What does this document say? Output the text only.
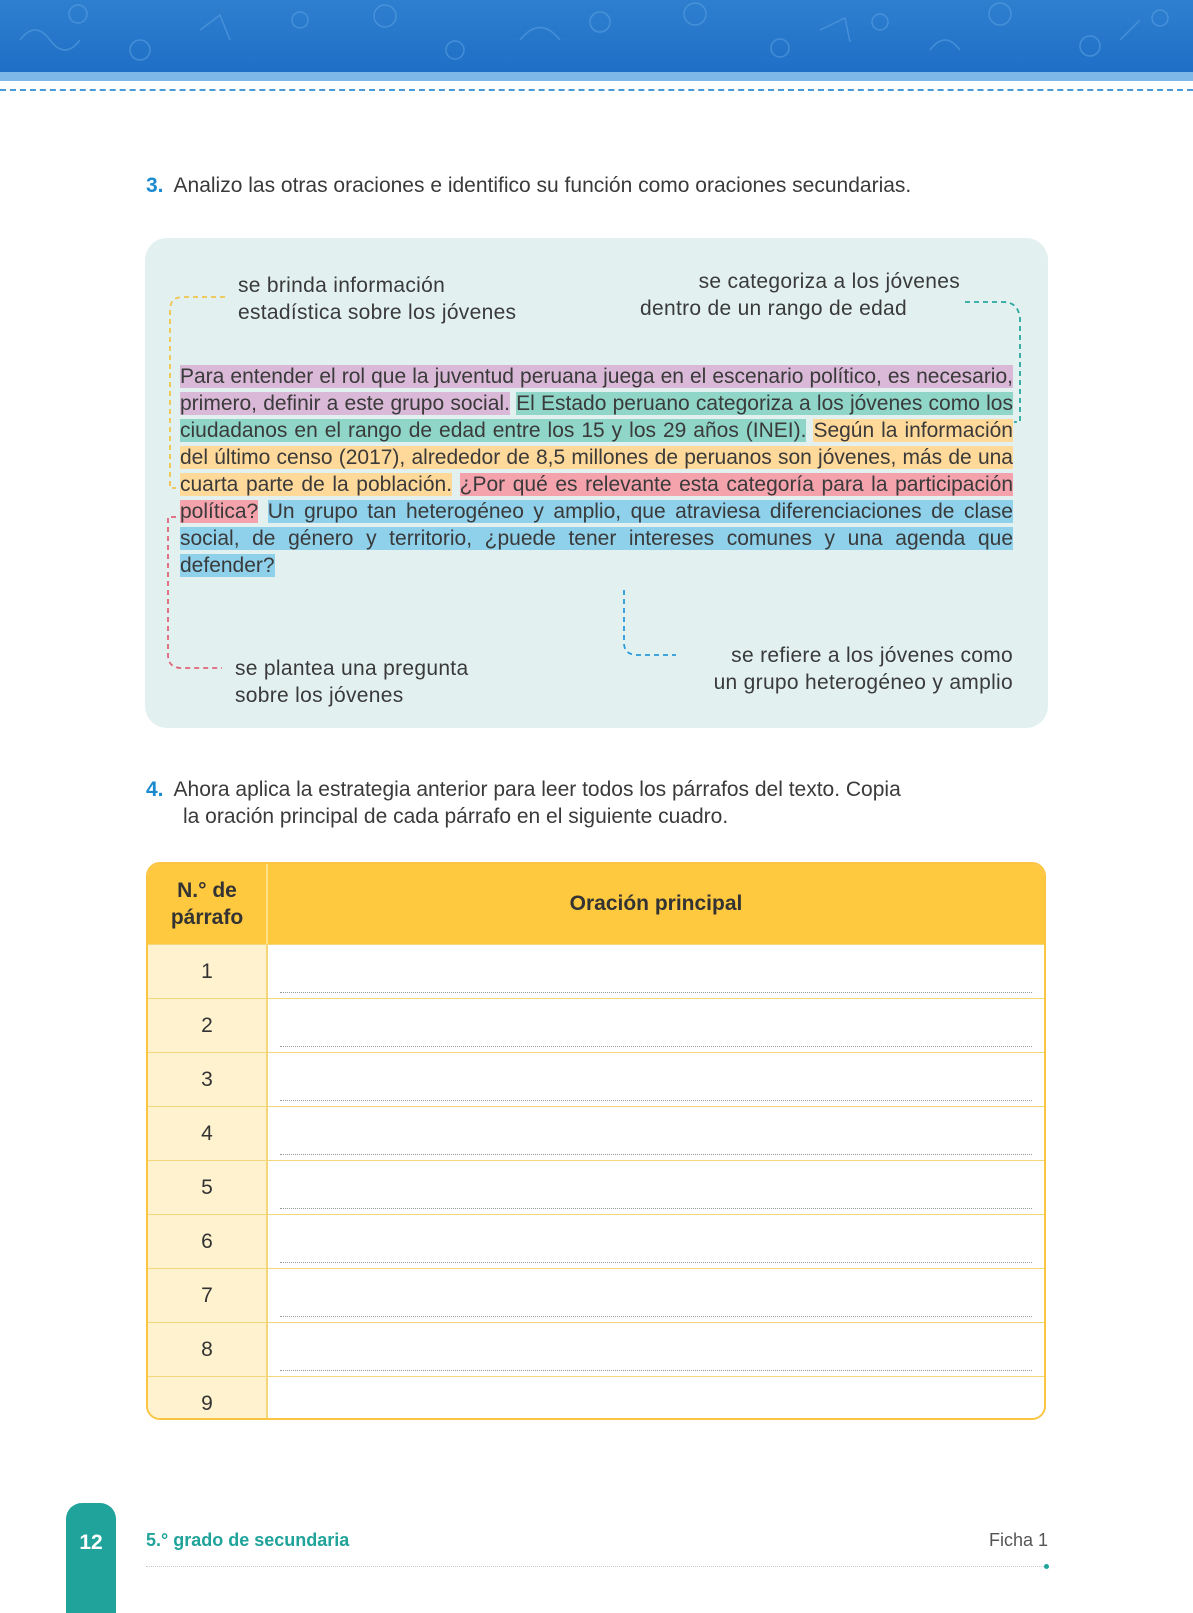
3. Analizo las otras oraciones e identifico su función como oraciones secundarias.
se brinda información
estadística sobre los jóvenes
se categoriza a los jóvenes
dentro de un rango de edad
Para entender el rol que la juventud peruana juega en el escenario político, es necesario, primero, definir a este grupo social. El Estado peruano categoriza a los jóvenes como los ciudadanos en el rango de edad entre los 15 y los 29 años (INEI). Según la información del último censo (2017), alrededor de 8,5 millones de peruanos son jóvenes, más de una cuarta parte de la población. ¿Por qué es relevante esta categoría para la participación política? Un grupo tan heterogéneo y amplio, que atraviesa diferenciaciones de clase social, de género y territorio, ¿puede tener intereses comunes y una agenda que defender?
se plantea una pregunta
sobre los jóvenes
se refiere a los jóvenes como
un grupo heterogéneo y amplio
4. Ahora aplica la estrategia anterior para leer todos los párrafos del texto. Copia
la oración principal de cada párrafo en el siguiente cuadro.
N.° de
párrafo
Oración principal
1
2
3
4
5
6
7
8
9
12	5.° grado de secundaria	Ficha 1
